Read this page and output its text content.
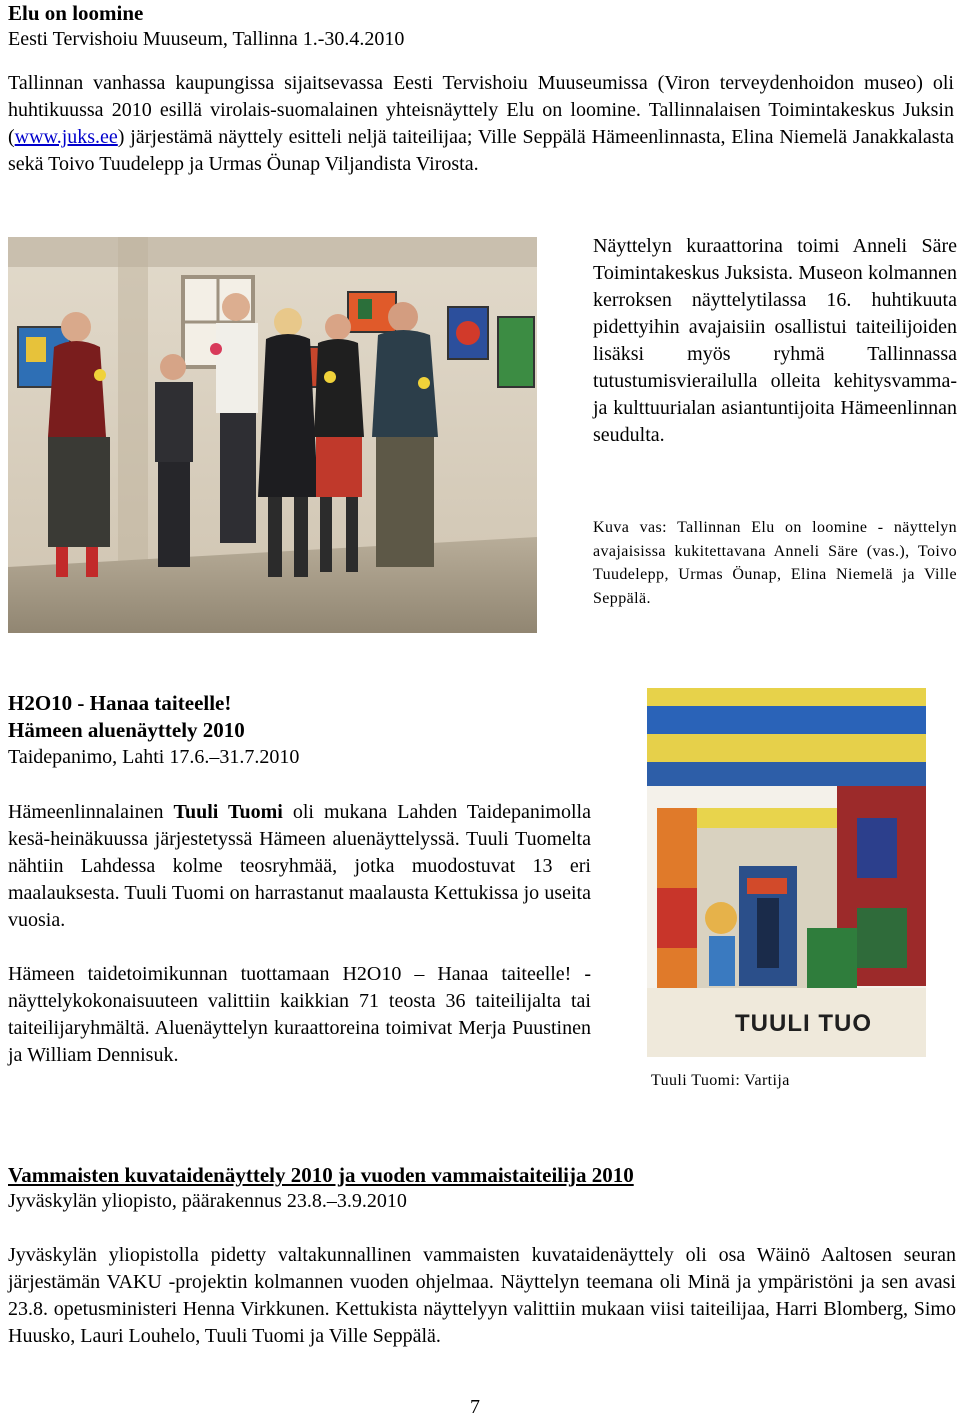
Elu on loomine
Eesti Tervishoiu Muuseum, Tallinna 1.-30.4.2010
Tallinnan vanhassa kaupungissa sijaitsevassa Eesti Tervishoiu Muuseumissa (Viron terveydenhoidon museo) oli huhtikuussa 2010 esillä virolais-suomalainen yhteisnäyttely Elu on loomine. Tallinnalaisen Toimintakeskus Juksin (www.juks.ee) järjestämä näyttely esitteli neljä taiteilijaa; Ville Seppälä Hämeenlinnasta, Elina Niemelä Janakkalasta sekä Toivo Tuudelepp ja Urmas Öunap Viljandista Virosta.
Näyttelyn kuraattorina toimi Anneli Säre Toimintakeskus Juksista. Museon kolmannen kerroksen näyttelytilassa 16. huhtikuuta pidettyihin avajaisiin osallistui taiteilijoiden lisäksi myös ryhmä Tallinnassa tutustumisvierailulla olleita kehitysvamma- ja kulttuurialan asiantuntijoita Hämeenlinnan seudulta.
Kuva vas: Tallinnan Elu on loomine - näyttelyn avajaisissa kukitettavana Anneli Säre (vas.), Toivo Tuudelepp, Urmas Öunap, Elina Niemelä ja Ville Seppälä.
H2O10 - Hanaa taiteelle!
Hämeen aluenäyttely 2010
Taidepanimo, Lahti 17.6.–31.7.2010
Hämeenlinnalainen Tuuli Tuomi oli mukana Lahden Taidepanimolla kesä-heinäkuussa järjestetyssä Hämeen aluenäyttelyssä. Tuuli Tuomelta nähtiin Lahdessa kolme teosryhmää, jotka muodostuvat 13 eri maalauksesta. Tuuli Tuomi on harrastanut maalausta Kettukissa jo useita vuosia.
Hämeen taidetoimikunnan tuottamaan H2O10 – Hanaa taiteelle! -näyttelykokonaisuuteen valittiin kaikkian 71 teosta 36 taiteilijalta tai taiteilijaryhmältä. Aluenäyttelyn kuraattoreina toimivat Merja Puustinen ja William Dennisuk.
TUULI TUO
Tuuli Tuomi: Vartija
Vammaisten kuvataidenäyttely 2010 ja vuoden vammaistaiteilija 2010
Jyväskylän yliopisto, päärakennus 23.8.–3.9.2010
Jyväskylän yliopistolla pidetty valtakunnallinen vammaisten kuvataidenäyttely oli osa Wäinö Aaltosen seuran järjestämän VAKU -projektin kolmannen vuoden ohjelmaa. Näyttelyn teemana oli Minä ja ympäristöni ja sen avasi 23.8. opetusministeri Henna Virkkunen. Kettukista näyttelyyn valittiin mukaan viisi taiteilijaa, Harri Blomberg, Simo Huusko, Lauri Louhelo, Tuuli Tuomi ja Ville Seppälä.
7
